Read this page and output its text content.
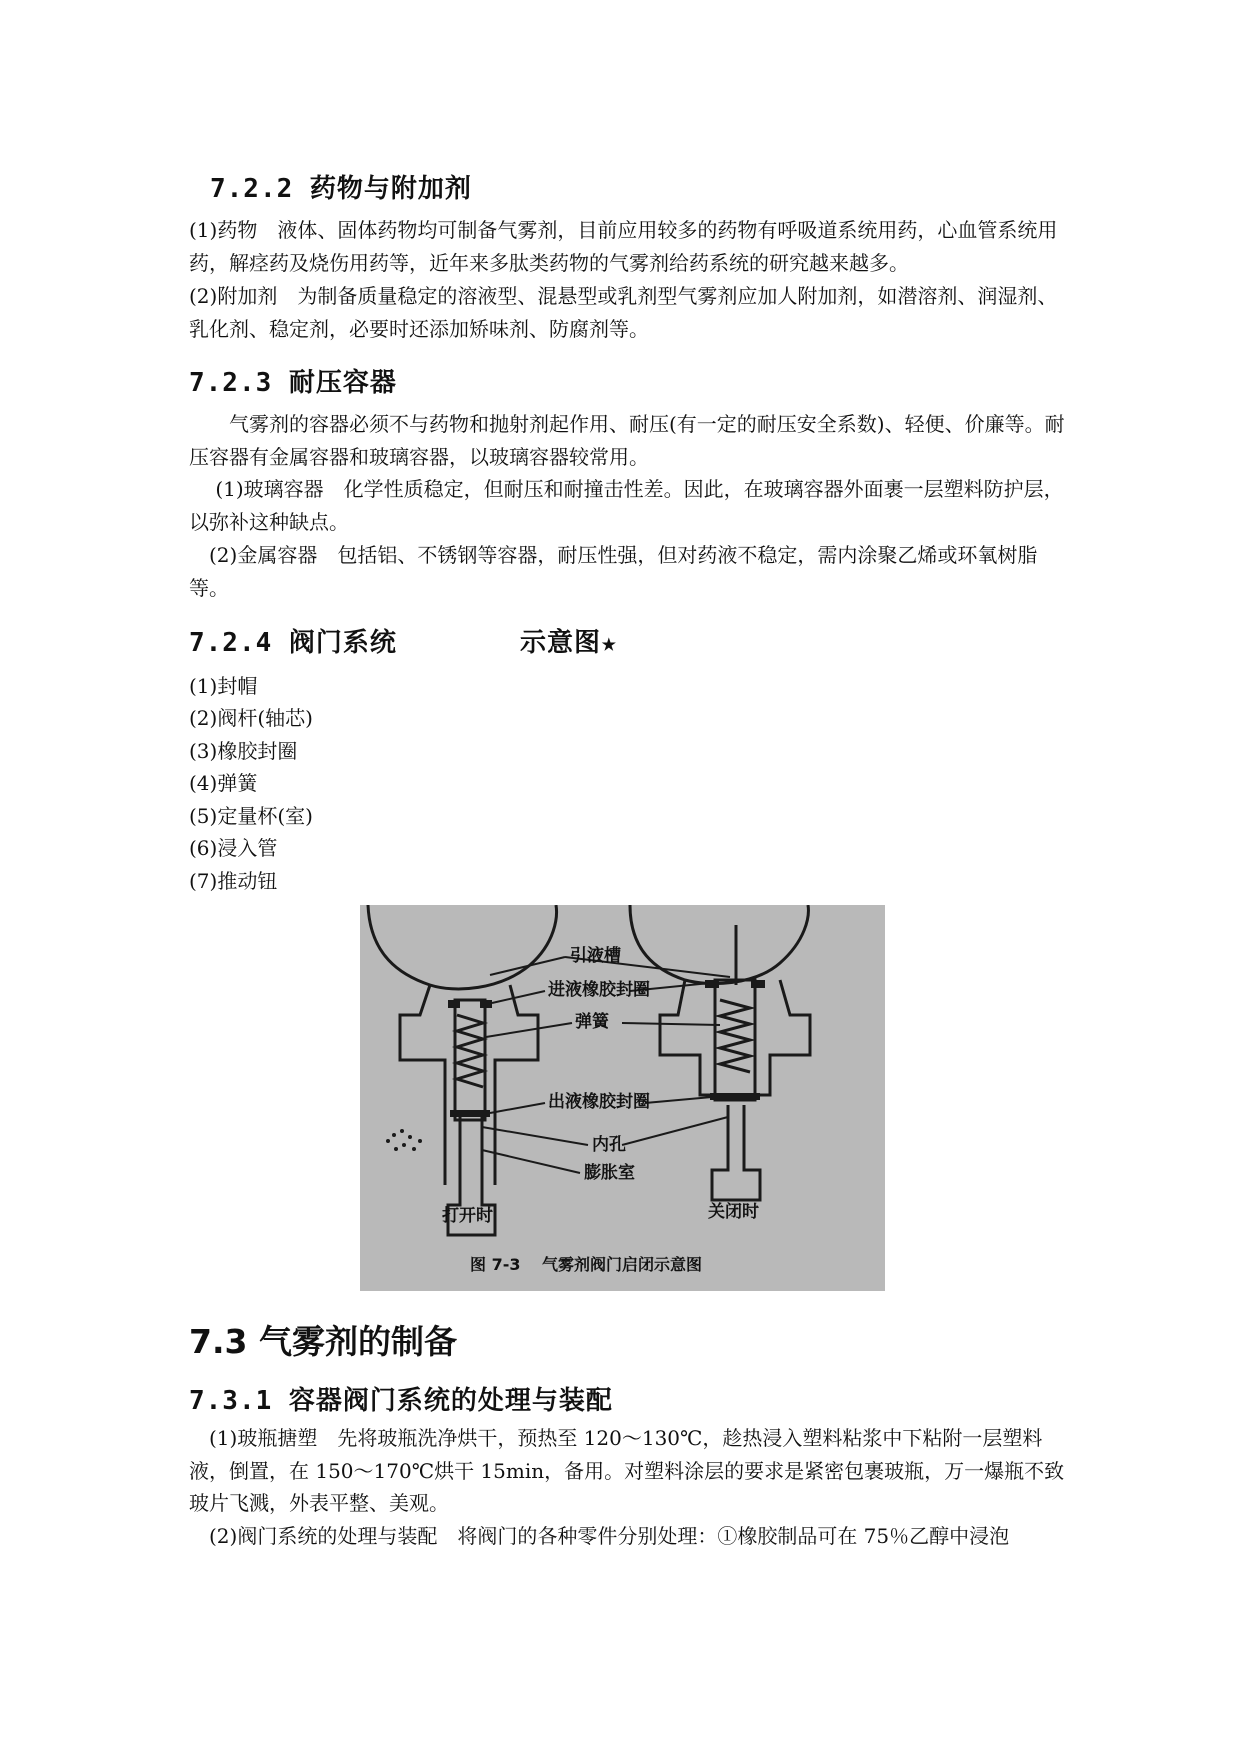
7.2.2 药物与附加剂

(1)药物　液体、固体药物均可制备气雾剂，目前应用较多的药物有呼吸道系统用药，心血管系统用药，解痉药及烧伤用药等，近年来多肽类药物的气雾剂给药系统的研究越来越多。

(2)附加剂　为制备质量稳定的溶液型、混悬型或乳剂型气雾剂应加人附加剂，如潜溶剂、润湿剂、乳化剂、稳定剂，必要时还添加矫味剂、防腐剂等。

7.2.3 耐压容器

　　气雾剂的容器必须不与药物和抛射剂起作用、耐压(有一定的耐压安全系数)、轻便、价廉等。耐压容器有金属容器和玻璃容器，以玻璃容器较常用。

　 (1)玻璃容器　化学性质稳定，但耐压和耐撞击性差。因此，在玻璃容器外面裹一层塑料防护层，以弥补这种缺点。

　(2)金属容器　包括铝、不锈钢等容器，耐压性强，但对药液不稳定，需内涂聚乙烯或环氧树脂等。

7.2.4 阀门系统	示意图★
(1)封帽
(2)阀杆(轴芯)
(3)橡胶封圈
(4)弹簧
(5)定量杯(室)
(6)浸入管
(7)推动钮
引液槽
进液橡胶封圈
弹簧
出液橡胶封圈
内孔
膨胀室
打开时	关闭时
图 7-3　 气雾剂阀门启闭示意图
7.3 气雾剂的制备
7.3.1 容器阀门系统的处理与装配

　(1)玻瓶搪塑　先将玻瓶洗净烘干，预热至 120～130℃，趁热浸入塑料粘浆中下粘附一层塑料液，倒置，在 150～170℃烘干 15min，备用。对塑料涂层的要求是紧密包裹玻瓶，万一爆瓶不致玻片飞溅，外表平整、美观。

　(2)阀门系统的处理与装配　将阀门的各种零件分别处理：①橡胶制品可在 75％乙醇中浸泡
